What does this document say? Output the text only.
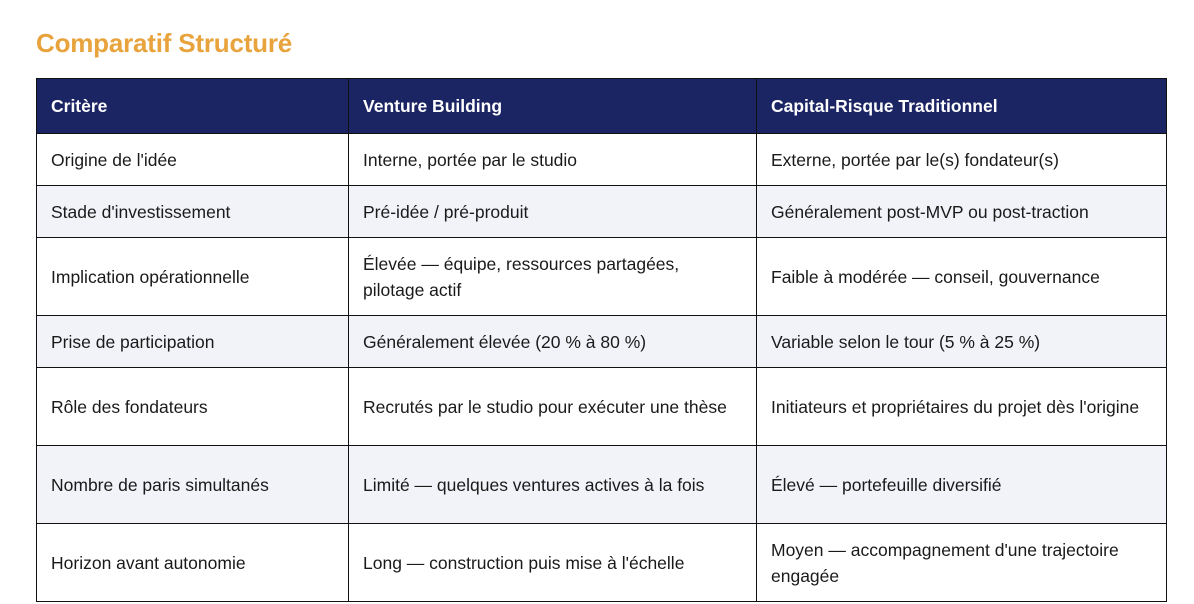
Comparatif Structuré
Critère	Venture Building	Capital-Risque Traditionnel
Origine de l'idée	Interne, portée par le studio	Externe, portée par le(s) fondateur(s)
Stade d'investissement	Pré-idée / pré-produit	Généralement post-MVP ou post-traction
Implication opérationnelle	Élevée — équipe, ressources partagées, pilotage actif	Faible à modérée — conseil, gouvernance
Prise de participation	Généralement élevée (20 % à 80 %)	Variable selon le tour (5 % à 25 %)
Rôle des fondateurs	Recrutés par le studio pour exécuter une thèse	Initiateurs et propriétaires du projet dès l'origine
Nombre de paris simultanés	Limité — quelques ventures actives à la fois	Élevé — portefeuille diversifié
Horizon avant autonomie	Long — construction puis mise à l'échelle	Moyen — accompagnement d'une trajectoire engagée
